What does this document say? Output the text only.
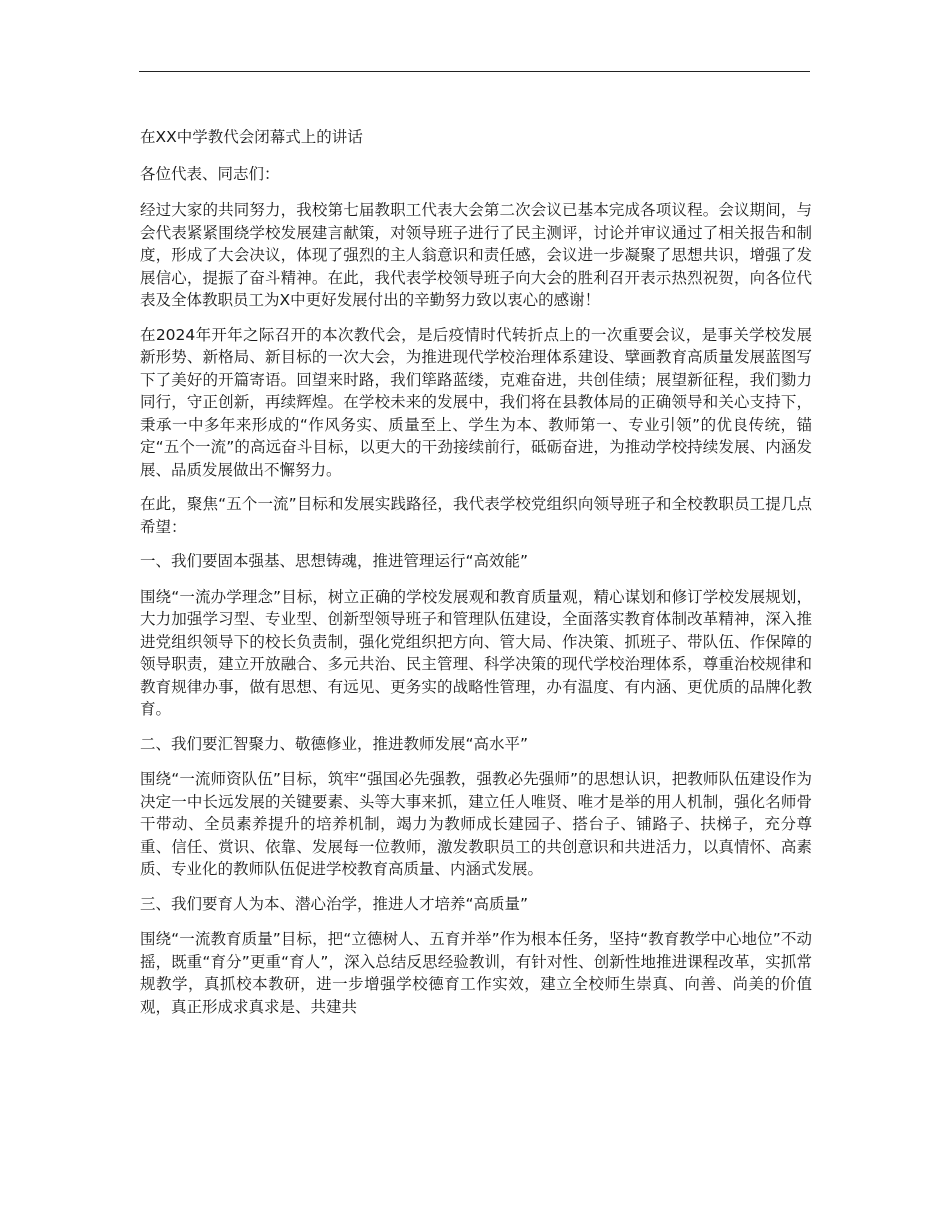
在XX中学教代会闭幕式上的讲话

各位代表、同志们：

经过大家的共同努力，我校第七届教职工代表大会第二次会议已基本完成各项议程。会议期间，与会代表紧紧围绕学校发展建言献策，对领导班子进行了民主测评，讨论并审议通过了相关报告和制度，形成了大会决议，体现了强烈的主人翁意识和责任感，会议进一步凝聚了思想共识，增强了发展信心，提振了奋斗精神。在此，我代表学校领导班子向大会的胜利召开表示热烈祝贺，向各位代表及全体教职员工为X中更好发展付出的辛勤努力致以衷心的感谢！

在2024年开年之际召开的本次教代会，是后疫情时代转折点上的一次重要会议，是事关学校发展新形势、新格局、新目标的一次大会，为推进现代学校治理体系建设、擘画教育高质量发展蓝图写下了美好的开篇寄语。回望来时路，我们筚路蓝缕，克难奋进，共创佳绩；展望新征程，我们勠力同行，守正创新，再续辉煌。在学校未来的发展中，我们将在县教体局的正确领导和关心支持下，秉承一中多年来形成的“作风务实、质量至上、学生为本、教师第一、专业引领”的优良传统，锚定“五个一流”的高远奋斗目标，以更大的干劲接续前行，砥砺奋进，为推动学校持续发展、内涵发展、品质发展做出不懈努力。

在此，聚焦“五个一流”目标和发展实践路径，我代表学校党组织向领导班子和全校教职员工提几点希望：

一、我们要固本强基、思想铸魂，推进管理运行“高效能”

围绕“一流办学理念”目标，树立正确的学校发展观和教育质量观，精心谋划和修订学校发展规划，大力加强学习型、专业型、创新型领导班子和管理队伍建设，全面落实教育体制改革精神，深入推进党组织领导下的校长负责制，强化党组织把方向、管大局、作决策、抓班子、带队伍、作保障的领导职责，建立开放融合、多元共治、民主管理、科学决策的现代学校治理体系，尊重治校规律和教育规律办事，做有思想、有远见、更务实的战略性管理，办有温度、有内涵、更优质的品牌化教育。

二、我们要汇智聚力、敬德修业，推进教师发展“高水平”

围绕“一流师资队伍”目标，筑牢“强国必先强教，强教必先强师”的思想认识，把教师队伍建设作为决定一中长远发展的关键要素、头等大事来抓，建立任人唯贤、唯才是举的用人机制，强化名师骨干带动、全员素养提升的培养机制，竭力为教师成长建园子、搭台子、铺路子、扶梯子，充分尊重、信任、赏识、依靠、发展每一位教师，激发教职员工的共创意识和共进活力，以真情怀、高素质、专业化的教师队伍促进学校教育高质量、内涵式发展。

三、我们要育人为本、潜心治学，推进人才培养“高质量”

围绕“一流教育质量”目标，把“立德树人、五育并举”作为根本任务，坚持“教育教学中心地位”不动摇，既重“育分”更重“育人”，深入总结反思经验教训，有针对性、创新性地推进课程改革，实抓常规教学，真抓校本教研，进一步增强学校德育工作实效，建立全校师生崇真、向善、尚美的价值观，真正形成求真求是、共建共
